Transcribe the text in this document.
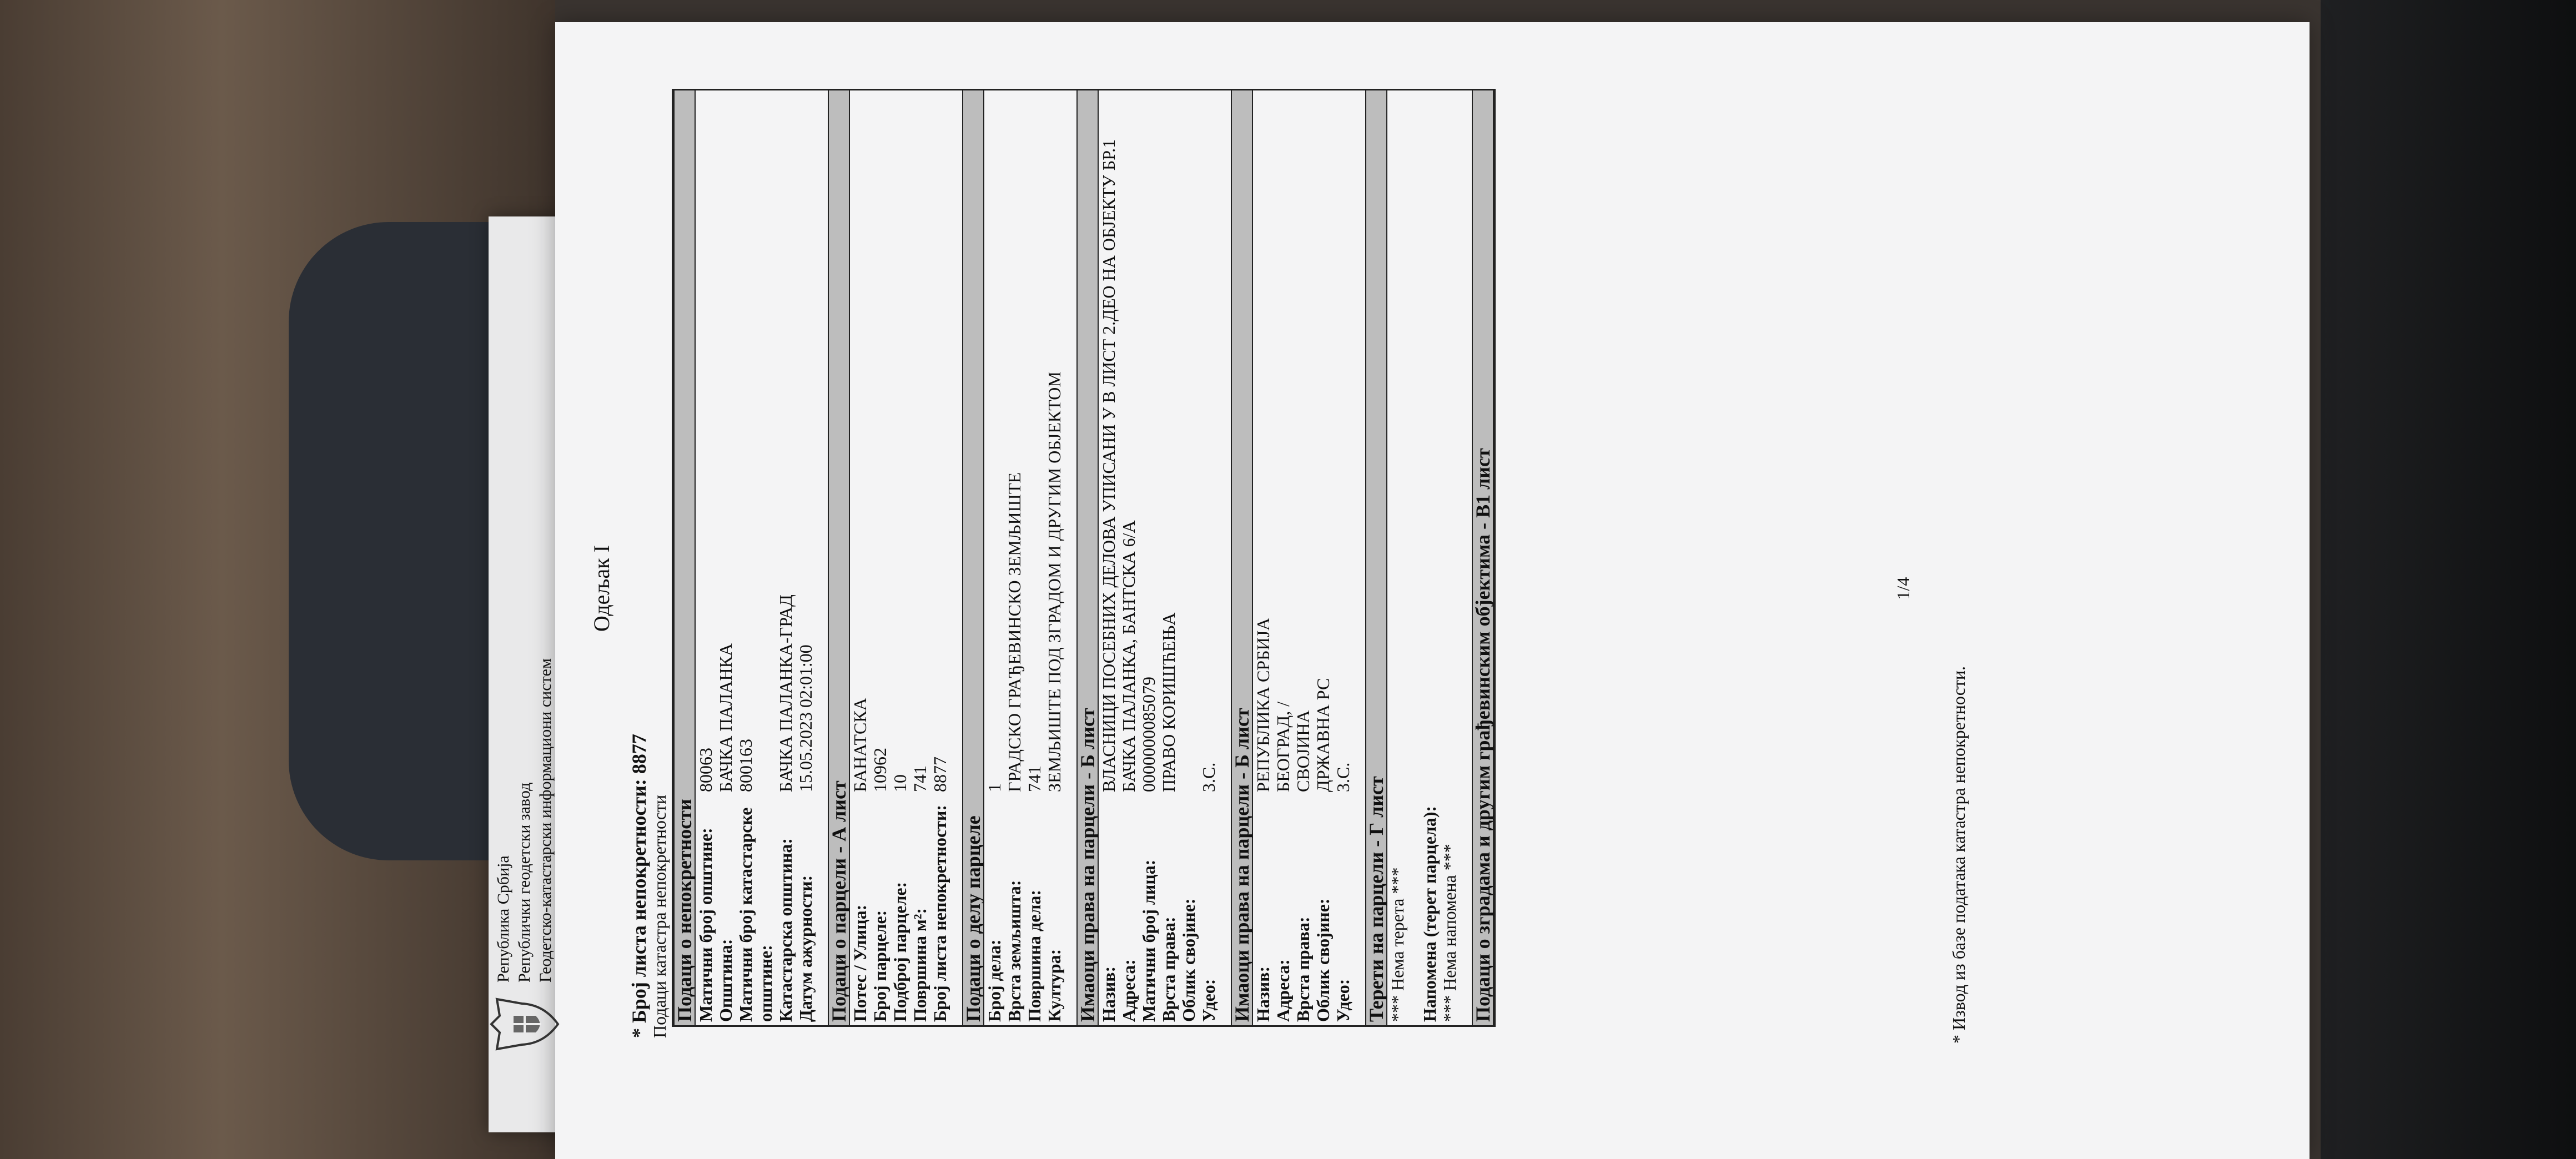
Република Србија Републички геодетски завод Геодетско-катастарски информациони систем
Одељак I
* Број листа непокретности: 8877 Подаци катастра непокретности Подаци о непокретности Матични број општине:
80063
Општина:
БАЧКА ПАЛАНКА
Матични број катастарске општине:
800163
Катастарска општина:
БАЧКА ПАЛАНКА-ГРАД
Датум ажурности:
15.05.2023 02:01:00
Подаци о парцели - А лист Потес / Улица:
БАНАТСКА
Број парцеле:
10962
Подброј парцеле:
10
Површина м²:
741
Број листа непокретности:
8877
Подаци о делу парцеле Број дела:
1
Врста земљишта:
ГРАДСКО ГРАЂЕВИНСКО ЗЕМЉИШТЕ
Површина дела:
741
Култура:
ЗЕМЉИШТЕ ПОД ЗГРАДОМ И ДРУГИМ ОБЈЕКТОМ
Имаоци права на парцели - Б лист Назив:
ВЛАСНИЦИ ПОСЕБНИХ ДЕЛОВА УПИСАНИ У В ЛИСТ 2.ДЕО НА ОБЈЕКТУ БР.1
Адреса:
БАЧКА ПАЛАНКА, БАНТСКА 6/А
Матични број лица:
0000000085079
Врста права:
ПРАВО КОРИШЋЕЊА
Облик својине: Удео:
3.С. Имаоци права на парцели - Б лист Назив:
РЕПУБЛИКА СРБИЈА
Адреса:
БЕОГРАД, /
Врста права:
СВОЈИНА
Облик својине:
ДРЖАВНА РС
Удео:
3.С. Терети на парцели - Г лист *** Нема терета *** Напомена (терет парцела): *** Нема напомена *** Подаци о зградама и другим грађевинским објектима - В1 лист	1/4
* Извод из базе података катастра непокретности.
